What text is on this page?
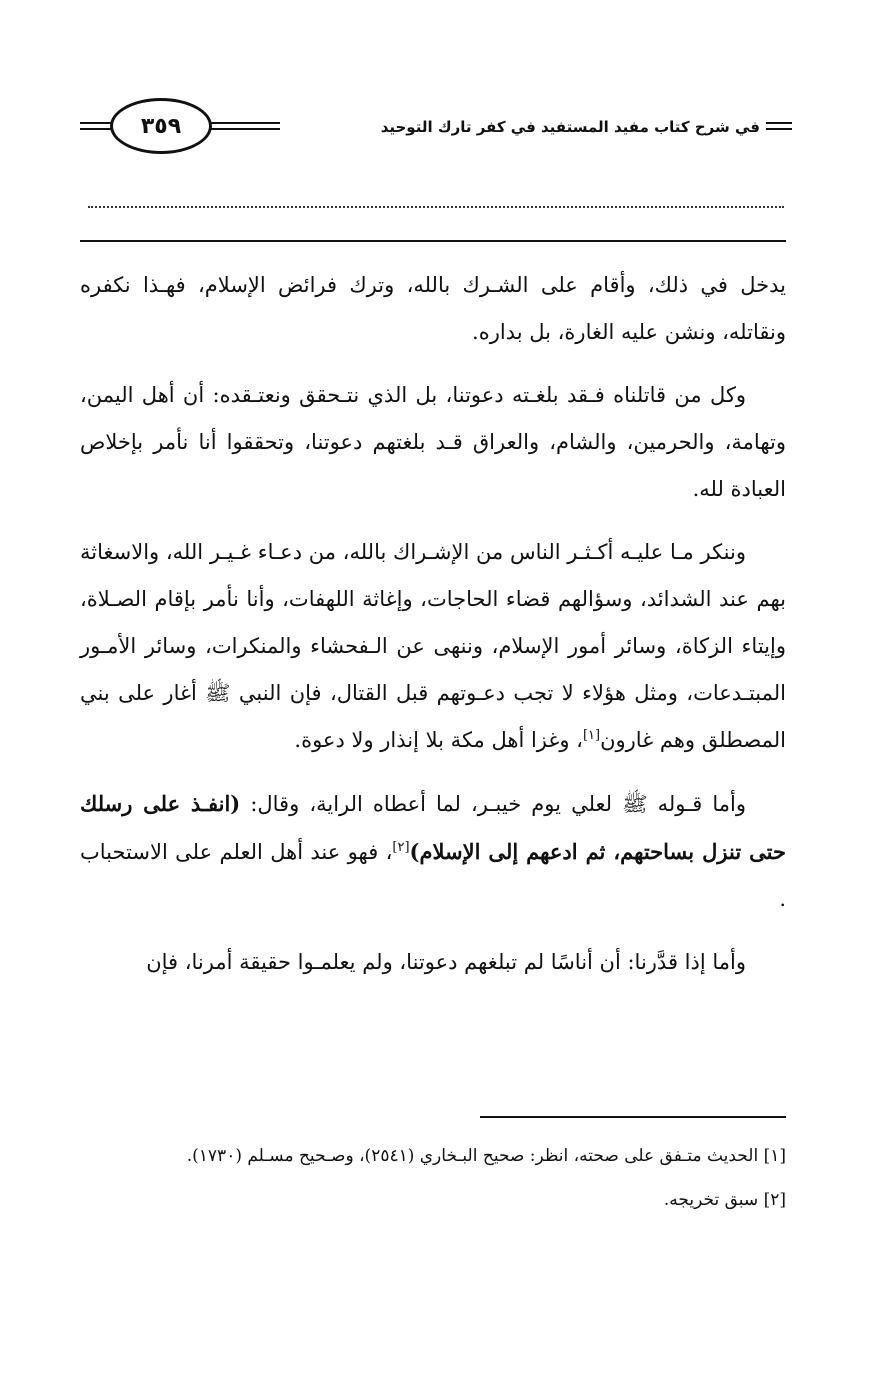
في شرح كتاب مفيد المستفيد في كفر تارك التوحيد
٣٥٩

يدخل في ذلك، وأقام على الشـرك بالله، وترك فرائض الإسلام، فهـذا نكفره ونقاتله، ونشن عليه الغارة، بل بداره.

وكل من قاتلناه فـقد بلغـته دعوتنا، بل الذي نتـحقق ونعتـقده: أن أهل اليمن، وتهامة، والحرمين، والشام، والعراق قـد بلغتهم دعوتنا، وتحققوا أنا نأمر بإخلاص العبادة لله.

وننكر مـا عليـه أكـثـر الناس من الإشـراك بالله، من دعـاء غـيـر الله، والاسغاثة بهم عند الشدائد، وسؤالهم قضاء الحاجات، وإغاثة اللهفات، وأنا نأمر بإقام الصـلاة، وإيتاء الزكاة، وسائر أمور الإسلام، وننهى عن الـفحشاء والمنكرات، وسائر الأمـور المبتـدعات، ومثل هؤلاء لا تجب دعـوتهم قبل القتال، فإن النبي ﷺ أغار على بني المصطلق وهم غارون[١]، وغزا أهل مكة بلا إنذار ولا دعوة.

وأما قـوله ﷺ لعلي يوم خيبـر، لما أعطاه الراية، وقال: (انفـذ على رسلك حتى تنزل بساحتهم، ثم ادعهم إلى الإسلام)[٢]، فهو عند أهل العلم على الاستحباب .

وأما إذا قدَّرنا: أن أناسًا لم تبلغهم دعوتنا، ولم يعلمـوا حقيقة أمرنا، فإن

[١] الحديث متـفق على صحته، انظر: صحيح البـخاري (٢٥٤١)، وصـحيح مسـلم (١٧٣٠).

[٢] سبق تخريجه.
